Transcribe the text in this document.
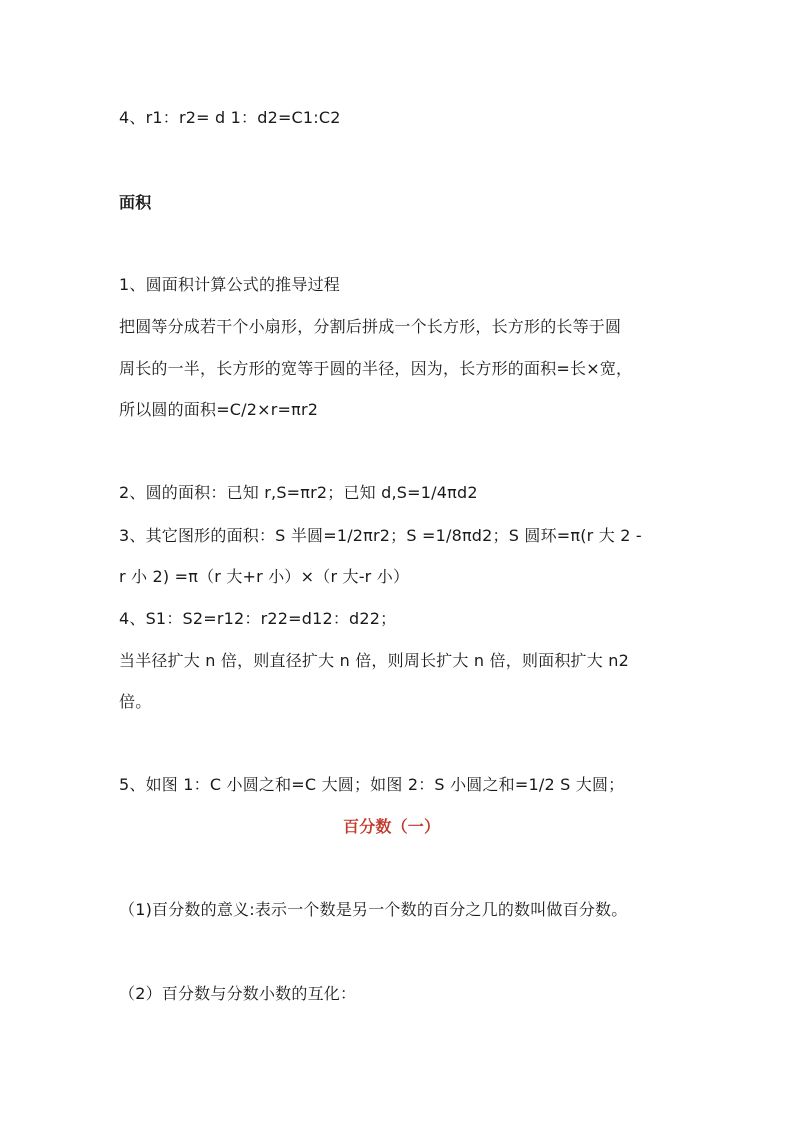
4、r1：r2= d 1：d2=C1:C2
面积
1、圆面积计算公式的推导过程
把圆等分成若干个小扇形，分割后拼成一个长方形，长方形的长等于圆
周长的一半，长方形的宽等于圆的半径，因为，长方形的面积=长×宽，
所以圆的面积=C/2×r=πr2
2、圆的面积：已知 r,S=πr2；已知 d,S=1/4πd2
3、其它图形的面积：S 半圆=1/2πr2；S =1/8πd2；S 圆环=π(r 大 2 -
r 小 2) =π（r 大+r 小）×（r 大-r 小）
4、S1：S2=r12：r22=d12：d22；
当半径扩大 n 倍，则直径扩大 n 倍，则周长扩大 n 倍，则面积扩大 n2
倍。
5、如图 1：C 小圆之和=C 大圆；如图 2：S 小圆之和=1/2 S 大圆；
百分数（一）
（1)百分数的意义:表示一个数是另一个数的百分之几的数叫做百分数。
（2）百分数与分数小数的互化：
